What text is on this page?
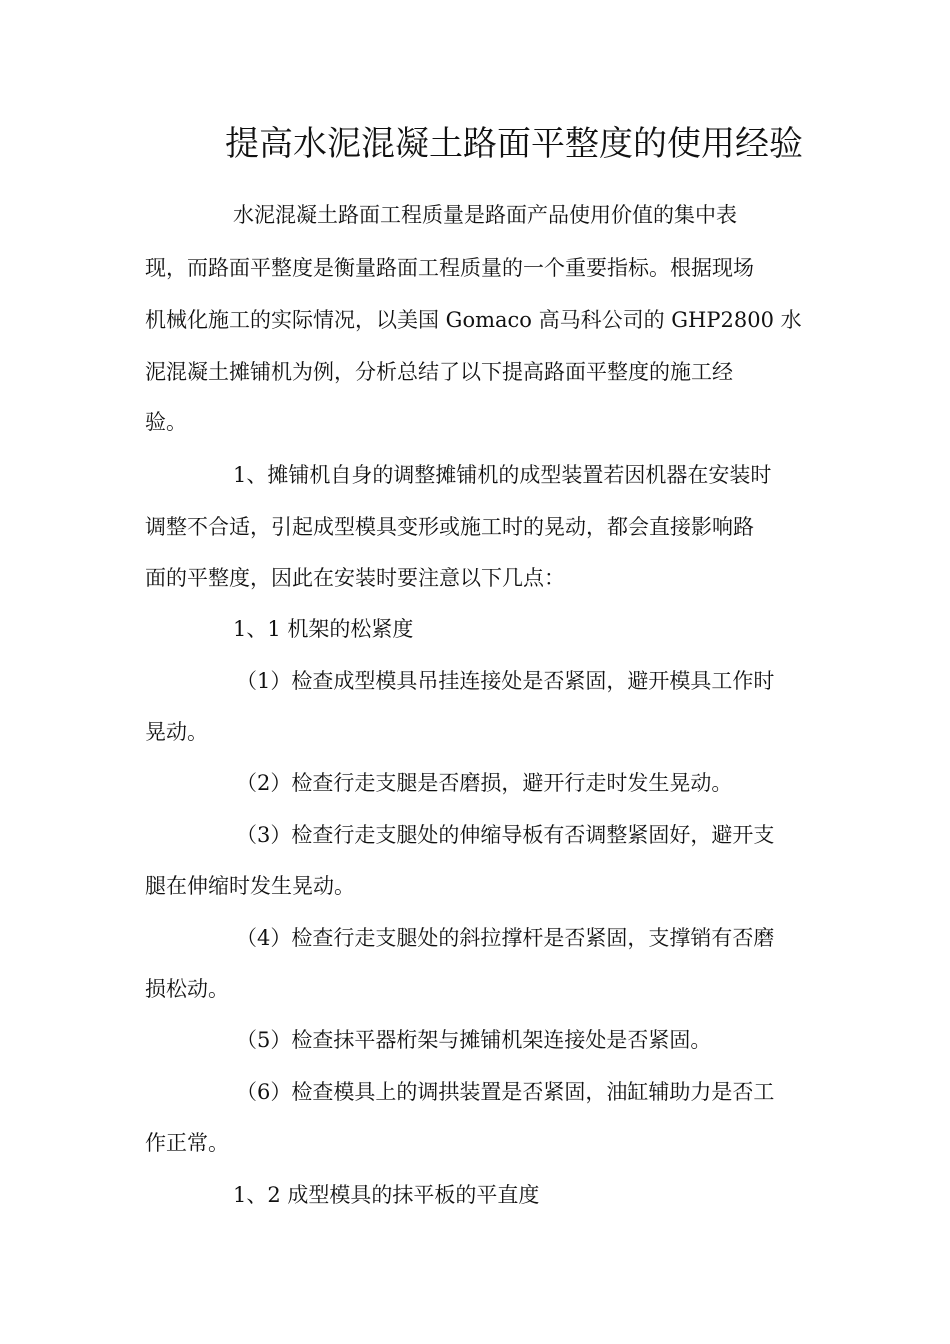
提高水泥混凝土路面平整度的使用经验
水泥混凝土路面工程质量是路面产品使用价值的集中表
现，而路面平整度是衡量路面工程质量的一个重要指标。根据现场
机械化施工的实际情况，以美国 Gomaco 高马科公司的 GHP2800 水
泥混凝土摊铺机为例，分析总结了以下提高路面平整度的施工经
验。
1、摊铺机自身的调整摊铺机的成型装置若因机器在安装时
调整不合适，引起成型模具变形或施工时的晃动，都会直接影响路
面的平整度，因此在安装时要注意以下几点：
1、1 机架的松紧度
（1）检查成型模具吊挂连接处是否紧固，避开模具工作时
晃动。
（2）检查行走支腿是否磨损，避开行走时发生晃动。
（3）检查行走支腿处的伸缩导板有否调整紧固好，避开支
腿在伸缩时发生晃动。
（4）检查行走支腿处的斜拉撑杆是否紧固，支撑销有否磨
损松动。
（5）检查抹平器桁架与摊铺机架连接处是否紧固。
（6）检查模具上的调拱装置是否紧固，油缸辅助力是否工
作正常。
1、2 成型模具的抹平板的平直度
